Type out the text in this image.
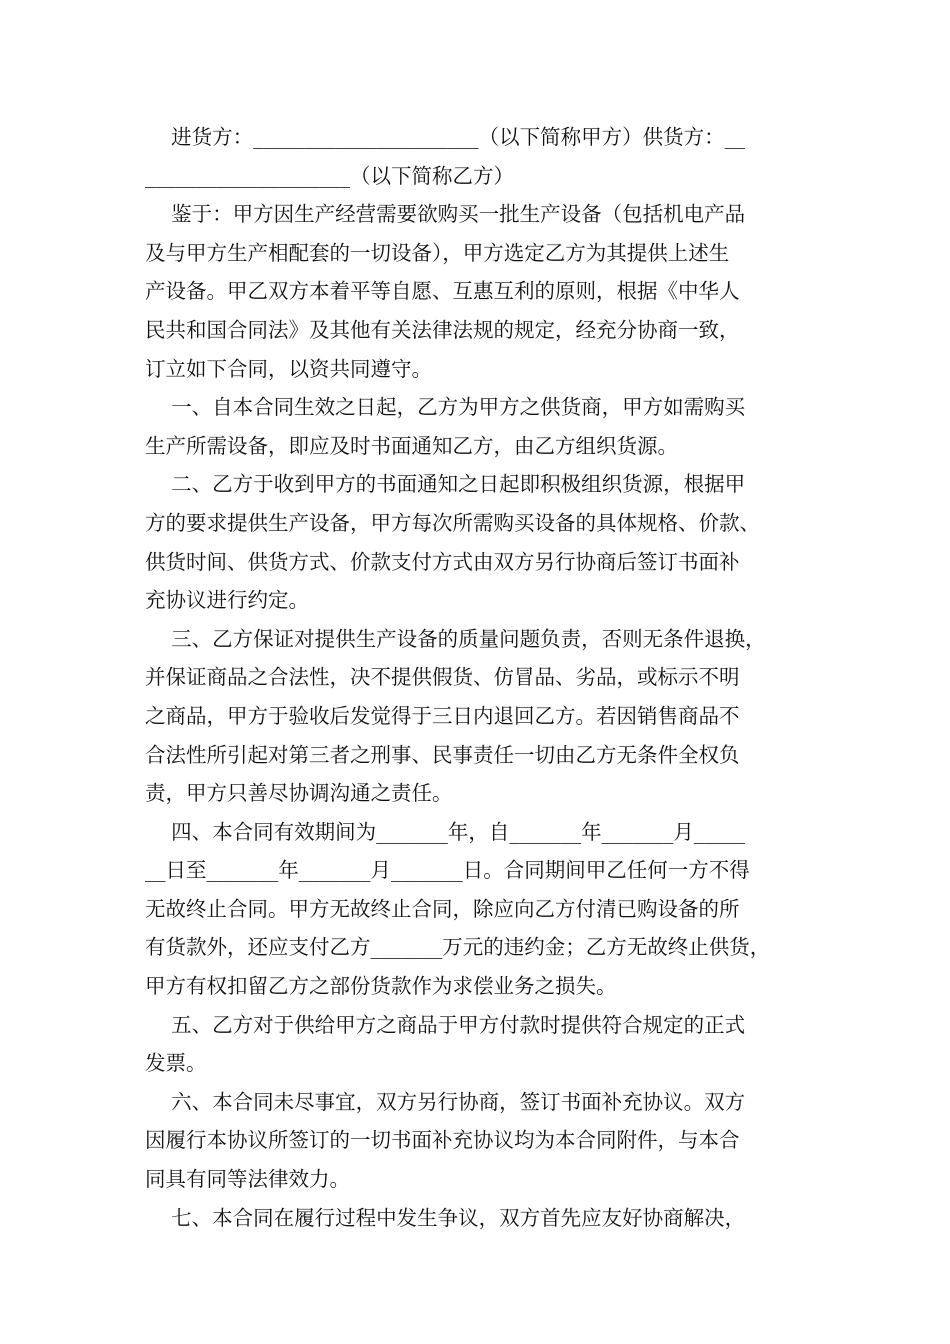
进货方：______________________（以下简称甲方）供货方：__
____________________（以下简称乙方）
鉴于：甲方因生产经营需要欲购买一批生产设备（包括机电产品
及与甲方生产相配套的一切设备），甲方选定乙方为其提供上述生
产设备。甲乙双方本着平等自愿、互惠互利的原则，根据《中华人
民共和国合同法》及其他有关法律法规的规定，经充分协商一致，
订立如下合同，以资共同遵守。
一、自本合同生效之日起，乙方为甲方之供货商，甲方如需购买
生产所需设备，即应及时书面通知乙方，由乙方组织货源。
二、乙方于收到甲方的书面通知之日起即积极组织货源，根据甲
方的要求提供生产设备，甲方每次所需购买设备的具体规格、价款、
供货时间、供货方式、价款支付方式由双方另行协商后签订书面补
充协议进行约定。
三、乙方保证对提供生产设备的质量问题负责，否则无条件退换，
并保证商品之合法性，决不提供假货、仿冒品、劣品，或标示不明
之商品，甲方于验收后发觉得于三日内退回乙方。若因销售商品不
合法性所引起对第三者之刑事、民事责任一切由乙方无条件全权负
责，甲方只善尽协调沟通之责任。
四、本合同有效期间为_______年，自_______年_______月_____
__日至_______年_______月_______日。合同期间甲乙任何一方不得
无故终止合同。甲方无故终止合同，除应向乙方付清已购设备的所
有货款外，还应支付乙方_______万元的违约金；乙方无故终止供货，
甲方有权扣留乙方之部份货款作为求偿业务之损失。
五、乙方对于供给甲方之商品于甲方付款时提供符合规定的正式
发票。
六、本合同未尽事宜，双方另行协商，签订书面补充协议。双方
因履行本协议所签订的一切书面补充协议均为本合同附件，与本合
同具有同等法律效力。
七、本合同在履行过程中发生争议，双方首先应友好协商解决，
